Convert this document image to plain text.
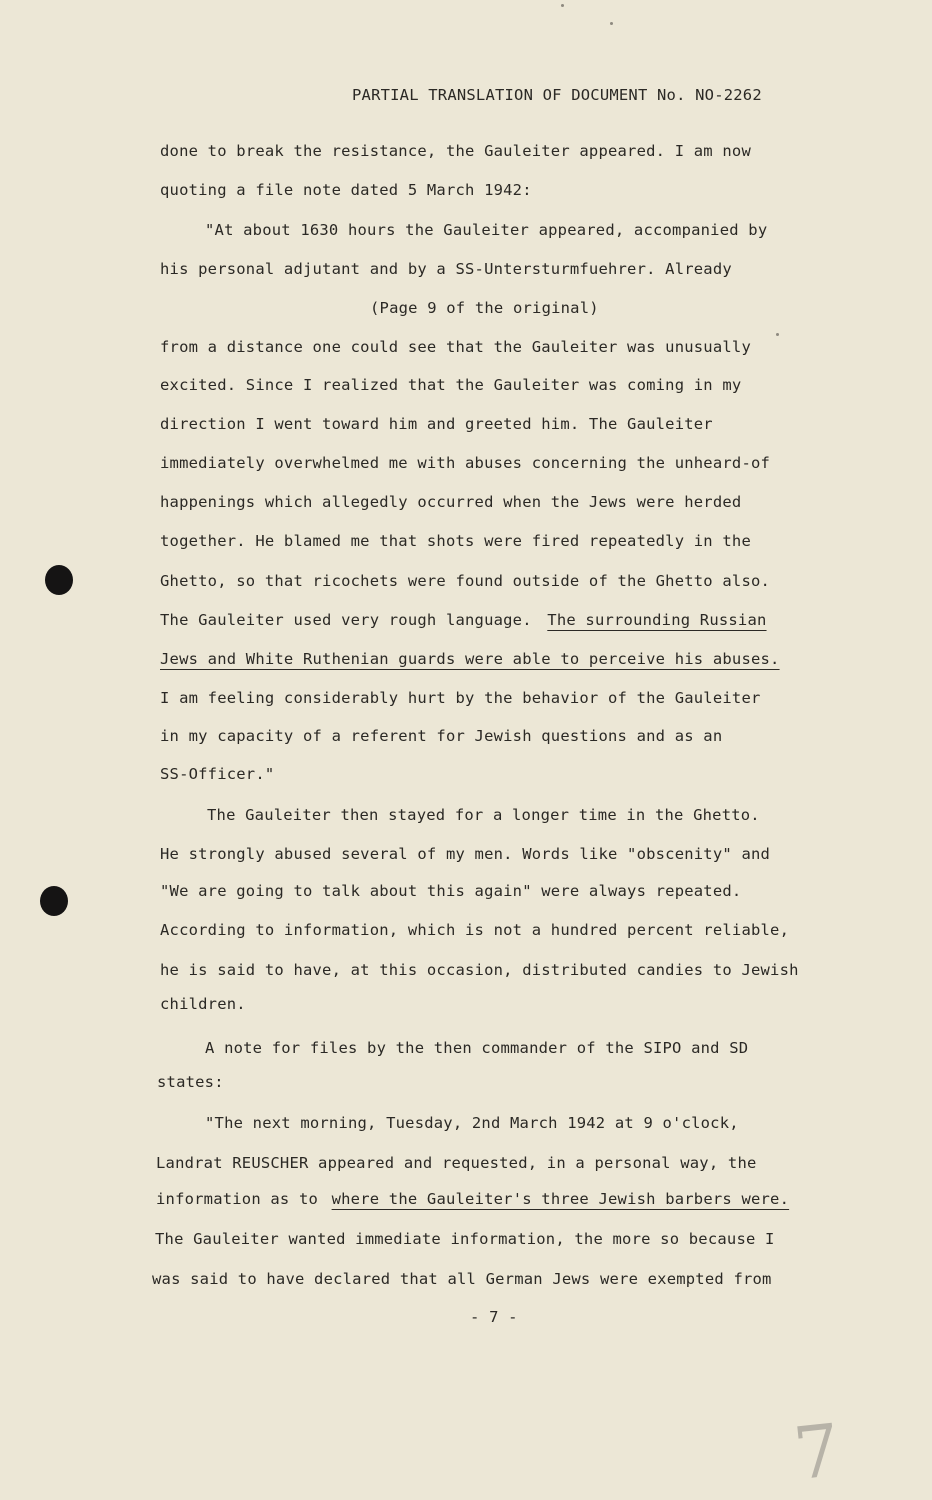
PARTIAL TRANSLATION OF DOCUMENT No. NO-2262
done to break the resistance, the Gauleiter appeared. I am now
quoting a file note dated 5 March 1942:
"At about 1630 hours the Gauleiter appeared, accompanied by
his personal adjutant and by a SS-Untersturmfuehrer. Already
(Page 9 of the original)
from a distance one could see that the Gauleiter was unusually
excited. Since I realized that the Gauleiter was coming in my
direction I went toward him and greeted him. The Gauleiter
immediately overwhelmed me with abuses concerning the unheard-of
happenings which allegedly occurred when the Jews were herded
together. He blamed me that shots were fired repeatedly in the
Ghetto, so that ricochets were found outside of the Ghetto also.
The Gauleiter used very rough language. The surrounding Russian
Jews and White Ruthenian guards were able to perceive his abuses.
I am feeling considerably hurt by the behavior of the Gauleiter
in my capacity of a referent for Jewish questions and as an
SS-Officer."
The Gauleiter then stayed for a longer time in the Ghetto.
He strongly abused several of my men. Words like "obscenity" and
"We are going to talk about this again" were always repeated.
According to information, which is not a hundred percent reliable,
he is said to have, at this occasion, distributed candies to Jewish
children.
A note for files by the then commander of the SIPO and SD
states:
"The next morning, Tuesday, 2nd March 1942 at 9 o'clock,
Landrat REUSCHER appeared and requested, in a personal way, the
information as to where the Gauleiter's three Jewish barbers were.
The Gauleiter wanted immediate information, the more so because I
was said to have declared that all German Jews were exempted from
- 7 -
7
